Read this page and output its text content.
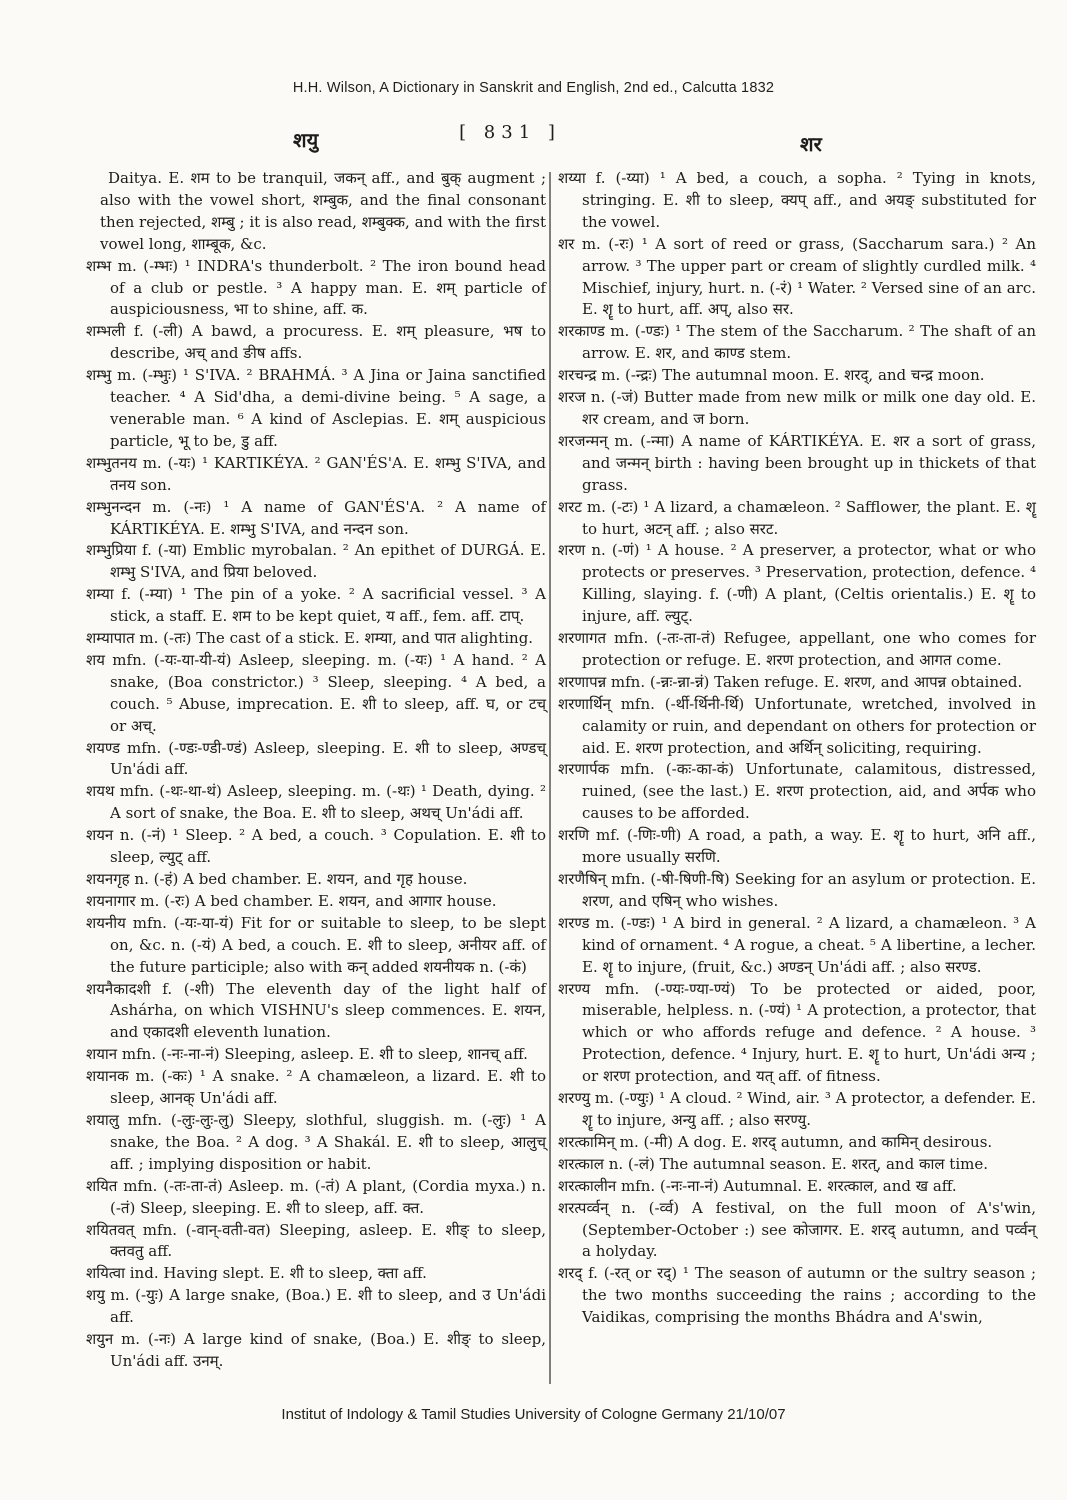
H.H. Wilson, A Dictionary in Sanskrit and English, 2nd ed., Calcutta 1832
शयु	[ 831 ]	शर

Daitya. E. शम to be tranquil, जकन् aff., and बुक् augment ; also with the vowel short, शम्बुक, and the final consonant then rejected, शम्बु ; it is also read, शम्बुक्क, and with the first vowel long, शाम्बूक, &c.

शम्भ m. (-म्भः) ¹ INDRA's thunderbolt. ² The iron bound head of a club or pestle. ³ A happy man. E. शम् particle of auspiciousness, भा to shine, aff. क.

शम्भली f. (-ली) A bawd, a procuress. E. शम् pleasure, भष to describe, अच् and ङीष affs.

शम्भु m. (-म्भुः) ¹ S'IVA. ² BRAHMÁ. ³ A Jina or Jaina sanctified teacher. ⁴ A Sid'dha, a demi-divine being. ⁵ A sage, a venerable man. ⁶ A kind of Asclepias. E. शम् auspicious particle, भू to be, डु aff.

शम्भुतनय m. (-यः) ¹ KARTIKÉYA. ² GAN'ÉS'A. E. शम्भु S'IVA, and तनय son.

शम्भुनन्दन m. (-नः) ¹ A name of GAN'ÉS'A. ² A name of KÁRTIKÉYA. E. शम्भु S'IVA, and नन्दन son.

शम्भुप्रिया f. (-या) Emblic myrobalan. ² An epithet of DURGÁ. E. शम्भु S'IVA, and प्रिया beloved.

शम्या f. (-म्या) ¹ The pin of a yoke. ² A sacrificial vessel. ³ A stick, a staff. E. शम to be kept quiet, य aff., fem. aff. टाप्.

शम्यापात m. (-तः) The cast of a stick. E. शम्या, and पात alighting.

शय mfn. (-यः-या-यी-यं) Asleep, sleeping. m. (-यः) ¹ A hand. ² A snake, (Boa constrictor.) ³ Sleep, sleeping. ⁴ A bed, a couch. ⁵ Abuse, imprecation. E. शी to sleep, aff. घ, or टच् or अच्.

शयण्ड mfn. (-ण्डः-ण्डी-ण्डं) Asleep, sleeping. E. शी to sleep, अण्डच् Un'ádi aff.

शयथ mfn. (-थः-था-थं) Asleep, sleeping. m. (-थः) ¹ Death, dying. ² A sort of snake, the Boa. E. शी to sleep, अथच् Un'ádi aff.

शयन n. (-नं) ¹ Sleep. ² A bed, a couch. ³ Copulation. E. शी to sleep, ल्युट् aff.

शयनगृह n. (-हं) A bed chamber. E. शयन, and गृह house.

शयनागार m. (-रः) A bed chamber. E. शयन, and आगार house.

शयनीय mfn. (-यः-या-यं) Fit for or suitable to sleep, to be slept on, &c. n. (-यं) A bed, a couch. E. शी to sleep, अनीयर aff. of the future participle; also with कन् added शयनीयक n. (-कं)

शयनैकादशी f. (-शी) The eleventh day of the light half of Ashárha, on which VISHNU's sleep commences. E. शयन, and एकादशी eleventh lunation.

शयान mfn. (-नः-ना-नं) Sleeping, asleep. E. शी to sleep, शानच् aff.

शयानक m. (-कः) ¹ A snake. ² A chamæleon, a lizard. E. शी to sleep, आनक् Un'ádi aff.

शयालु mfn. (-लुः-लुः-लु) Sleepy, slothful, sluggish. m. (-लुः) ¹ A snake, the Boa. ² A dog. ³ A Shakál. E. शी to sleep, आलुच् aff. ; implying disposition or habit.

शयित mfn. (-तः-ता-तं) Asleep. m. (-तं) A plant, (Cordia myxa.) n. (-तं) Sleep, sleeping. E. शी to sleep, aff. क्त.

शयितवत् mfn. (-वान्-वती-वत) Sleeping, asleep. E. शीङ् to sleep, क्तवतु aff.

शयित्वा ind. Having slept. E. शी to sleep, क्ता aff.

शयु m. (-युः) A large snake, (Boa.) E. शी to sleep, and उ Un'ádi aff.

शयुन m. (-नः) A large kind of snake, (Boa.) E. शीङ् to sleep, Un'ádi aff. उनम्.

शय्या f. (-य्या) ¹ A bed, a couch, a sopha. ² Tying in knots, stringing. E. शी to sleep, क्यप् aff., and अयङ् substituted for the vowel.

शर m. (-रः) ¹ A sort of reed or grass, (Saccharum sara.) ² An arrow. ³ The upper part or cream of slightly curdled milk. ⁴ Mischief, injury, hurt. n. (-रं) ¹ Water. ² Versed sine of an arc. E. शॄ to hurt, aff. अप्, also सर.

शरकाण्ड m. (-ण्डः) ¹ The stem of the Saccharum. ² The shaft of an arrow. E. शर, and काण्ड stem.

शरचन्द्र m. (-न्द्रः) The autumnal moon. E. शरद्, and चन्द्र moon.

शरज n. (-जं) Butter made from new milk or milk one day old. E. शर cream, and ज born.

शरजन्मन् m. (-न्मा) A name of KÁRTIKÉYA. E. शर a sort of grass, and जन्मन् birth : having been brought up in thickets of that grass.

शरट m. (-टः) ¹ A lizard, a chamæleon. ² Safflower, the plant. E. शॄ to hurt, अटन् aff. ; also सरट.

शरण n. (-णं) ¹ A house. ² A preserver, a protector, what or who protects or preserves. ³ Preservation, protection, defence. ⁴ Killing, slaying. f. (-णी) A plant, (Celtis orientalis.) E. शॄ to injure, aff. ल्युट्.

शरणागत mfn. (-तः-ता-तं) Refugee, appellant, one who comes for protection or refuge. E. शरण protection, and आगत come.

शरणापन्न mfn. (-न्नः-न्ना-न्नं) Taken refuge. E. शरण, and आपन्न obtained.

शरणार्थिन् mfn. (-र्थी-र्थिनी-र्थि) Unfortunate, wretched, involved in calamity or ruin, and dependant on others for protection or aid. E. शरण protection, and अर्थिन् soliciting, requiring.

शरणार्पक mfn. (-कः-का-कं) Unfortunate, calamitous, distressed, ruined, (see the last.) E. शरण protection, aid, and अर्पक who causes to be afforded.

शरणि mf. (-णिः-णी) A road, a path, a way. E. शॄ to hurt, अनि aff., more usually सरणि.

शरणैषिन् mfn. (-षी-षिणी-षि) Seeking for an asylum or protection. E. शरण, and एषिन् who wishes.

शरण्ड m. (-ण्डः) ¹ A bird in general. ² A lizard, a chamæleon. ³ A kind of ornament. ⁴ A rogue, a cheat. ⁵ A libertine, a lecher. E. शॄ to injure, (fruit, &c.) अण्डन् Un'ádi aff. ; also सरण्ड.

शरण्य mfn. (-ण्यः-ण्या-ण्यं) To be protected or aided, poor, miserable, helpless. n. (-ण्यं) ¹ A protection, a protector, that which or who affords refuge and defence. ² A house. ³ Protection, defence. ⁴ Injury, hurt. E. शॄ to hurt, Un'ádi अन्य ; or शरण protection, and यत् aff. of fitness.

शरण्यु m. (-ण्युः) ¹ A cloud. ² Wind, air. ³ A protector, a defender. E. शॄ to injure, अन्यु aff. ; also सरण्यु.

शरत्कामिन् m. (-मी) A dog. E. शरद् autumn, and कामिन् desirous.

शरत्काल n. (-लं) The autumnal season. E. शरत्, and काल time.

शरत्कालीन mfn. (-नः-ना-नं) Autumnal. E. शरत्काल, and ख aff.

शरत्पर्व्वन् n. (-र्व्व) A festival, on the full moon of A's'win, (September-October :) see कोजागर. E. शरद् autumn, and पर्व्वन् a holyday.

शरद् f. (-रत् or रद्) ¹ The season of autumn or the sultry season ; the two months succeeding the rains ; according to the Vaidikas, comprising the months Bhádra and A'swin,

Institut of Indology & Tamil Studies University of Cologne Germany 21/10/07
